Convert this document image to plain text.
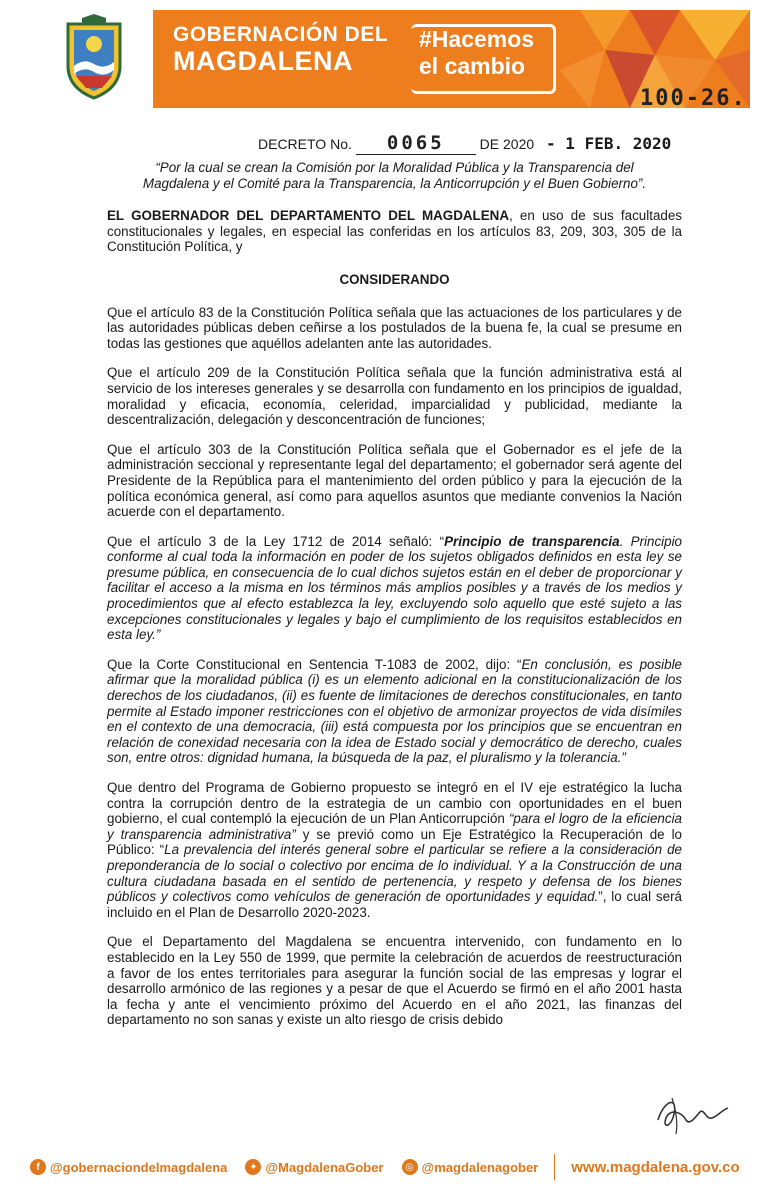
GOBERNACIÓN DEL
MAGDALENA
#Hacemos
el cambio
100-26.
DECRETO No. 0065	DE 2020 - 1 FEB. 2020

“Por la cual se crean la Comisión por la Moralidad Pública y la Transparencia del Magdalena y el Comité para la Transparencia, la Anticorrupción y el Buen Gobierno”.

EL GOBERNADOR DEL DEPARTAMENTO DEL MAGDALENA, en uso de sus facultades constitucionales y legales, en especial las conferidas en los artículos 83, 209, 303, 305 de la Constitución Política, y

CONSIDERANDO

Que el artículo 83 de la Constitución Política señala que las actuaciones de los particulares y de las autoridades públicas deben ceñirse a los postulados de la buena fe, la cual se presume en todas las gestiones que aquéllos adelanten ante las autoridades.

Que el artículo 209 de la Constitución Política señala que la función administrativa está al servicio de los intereses generales y se desarrolla con fundamento en los principios de igualdad, moralidad y eficacia, economía, celeridad, imparcialidad y publicidad, mediante la descentralización, delegación y desconcentración de funciones;

Que el artículo 303 de la Constitución Política señala que el Gobernador es el jefe de la administración seccional y representante legal del departamento; el gobernador será agente del Presidente de la República para el mantenimiento del orden público y para la ejecución de la política económica general, así como para aquellos asuntos que mediante convenios la Nación acuerde con el departamento.

Que el artículo 3 de la Ley 1712 de 2014 señaló: “Principio de transparencia. Principio conforme al cual toda la información en poder de los sujetos obligados definidos en esta ley se presume pública, en consecuencia de lo cual dichos sujetos están en el deber de proporcionar y facilitar el acceso a la misma en los términos más amplios posibles y a través de los medios y procedimientos que al efecto establezca la ley, excluyendo solo aquello que esté sujeto a las excepciones constitucionales y legales y bajo el cumplimiento de los requisitos establecidos en esta ley.”

Que la Corte Constitucional en Sentencia T-1083 de 2002, dijo: “En conclusión, es posible afirmar que la moralidad pública (i) es un elemento adicional en la constitucionalización de los derechos de los ciudadanos, (ii) es fuente de limitaciones de derechos constitucionales, en tanto permite al Estado imponer restricciones con el objetivo de armonizar proyectos de vida disímiles en el contexto de una democracia, (iii) está compuesta por los principios que se encuentran en relación de conexidad necesaria con la idea de Estado social y democrático de derecho, cuales son, entre otros: dignidad humana, la búsqueda de la paz, el pluralismo y la tolerancia.”

Que dentro del Programa de Gobierno propuesto se integró en el IV eje estratégico la lucha contra la corrupción dentro de la estrategia de un cambio con oportunidades en el buen gobierno, el cual contempló la ejecución de un Plan Anticorrupción “para el logro de la eficiencia y transparencia administrativa” y se previó como un Eje Estratégico la Recuperación de lo Público: “La prevalencia del interés general sobre el particular se refiere a la consideración de preponderancia de lo social o colectivo por encima de lo individual. Y a la Construcción de una cultura ciudadana basada en el sentido de pertenencia, y respeto y defensa de los bienes públicos y colectivos como vehículos de generación de oportunidades y equidad.”, lo cual será incluido en el Plan de Desarrollo 2020-2023.

Que el Departamento del Magdalena se encuentra intervenido, con fundamento en lo establecido en la Ley 550 de 1999, que permite la celebración de acuerdos de reestructuración a favor de los entes territoriales para asegurar la función social de las empresas y lograr el desarrollo armónico de las regiones y a pesar de que el Acuerdo se firmó en el año 2001 hasta la fecha y ante el vencimiento próximo del Acuerdo en el año 2021, las finanzas del departamento no son sanas y existe un alto riesgo de crisis debido

f @gobernaciondelmagdalena	✦ @MagdalenaGober	◎ @magdalenagober www.magdalena.gov.co
